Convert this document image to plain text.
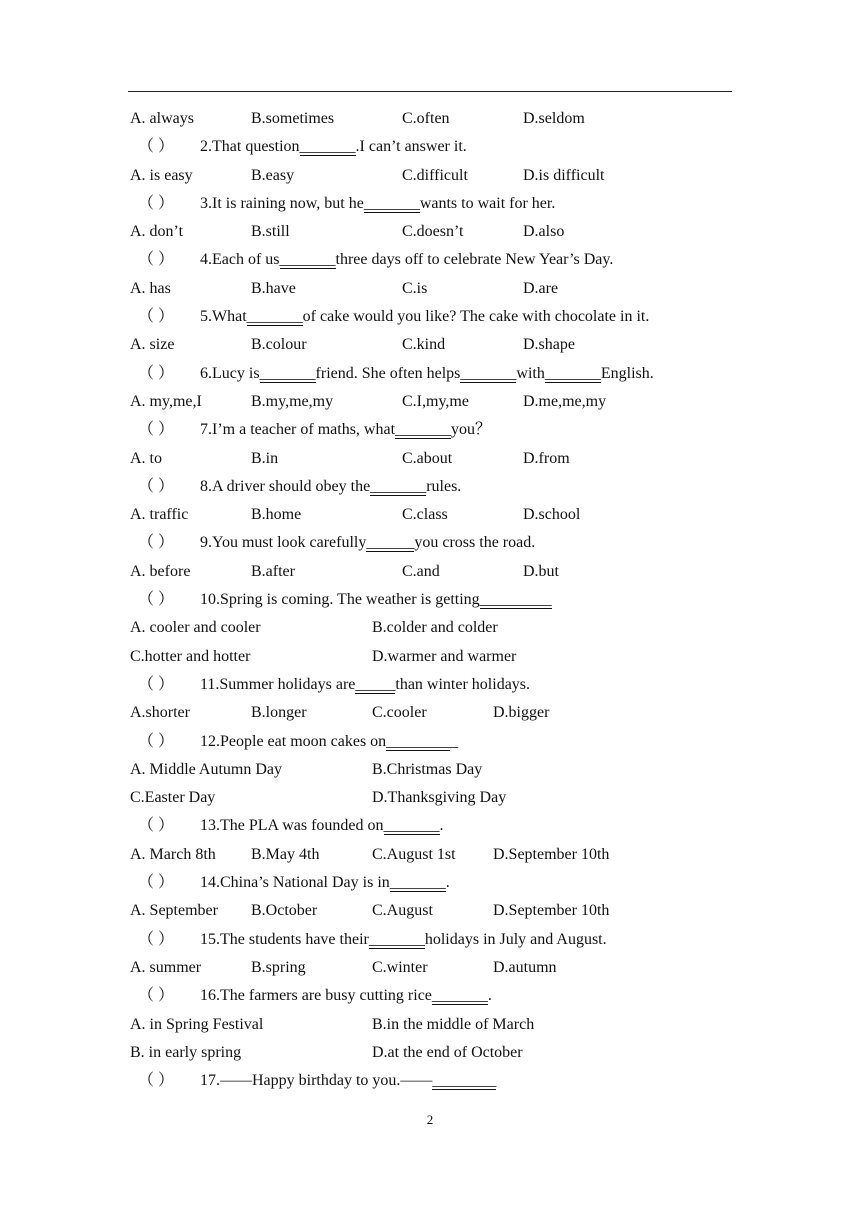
A. always	B.sometimes	C.often	D.seldom
（ ） 2.That question_______.I can’t answer it.
A. is easy	B.easy	C.difficult	D.is difficult
（ ） 3.It is raining now, but he_______wants to wait for her.
A. don’t	B.still	C.doesn’t	D.also
（ ） 4.Each of us_______three days off to celebrate New Year’s Day.
A. has	B.have	C.is	D.are
（ ） 5.What_______of cake would you like? The cake with chocolate in it.
A. size	B.colour	C.kind	D.shape
（ ） 6.Lucy is_______friend. She often helps_______with_______English.
A. my,me,I	B.my,me,my	C.I,my,me	D.me,me,my
（ ） 7.I’m a teacher of maths, what_______you？
A. to	B.in	C.about	D.from
（ ） 8.A driver should obey the_______rules.
A. traffic	B.home	C.class	D.school
（ ） 9.You must look carefully______you cross the road.
A. before	B.after	C.and	D.but
（ ） 10.Spring is coming. The weather is getting_________
A. cooler and cooler	B.colder and colder
C.hotter and hotter	D.warmer and warmer
（ ） 11.Summer holidays are_____than winter holidays.
A.shorter	B.longer	C.cooler	D.bigger
（ ） 12.People eat moon cakes on_________
A. Middle Autumn Day	B.Christmas Day
C.Easter Day	D.Thanksgiving Day
（ ） 13.The PLA was founded on_______.
A. March 8th B.May 4th	C.August 1st D.September 10th
（ ） 14.China’s National Day is in_______.
A. September B.October	C.August	D.September 10th
（ ） 15.The students have their_______holidays in July and August.
A. summer	B.spring	C.winter	D.autumn
（ ） 16.The farmers are busy cutting rice_______.
A. in Spring Festival	B.in the middle of March
B. in early spring	D.at the end of October
（ ） 17.——Happy birthday to you.——________
2
